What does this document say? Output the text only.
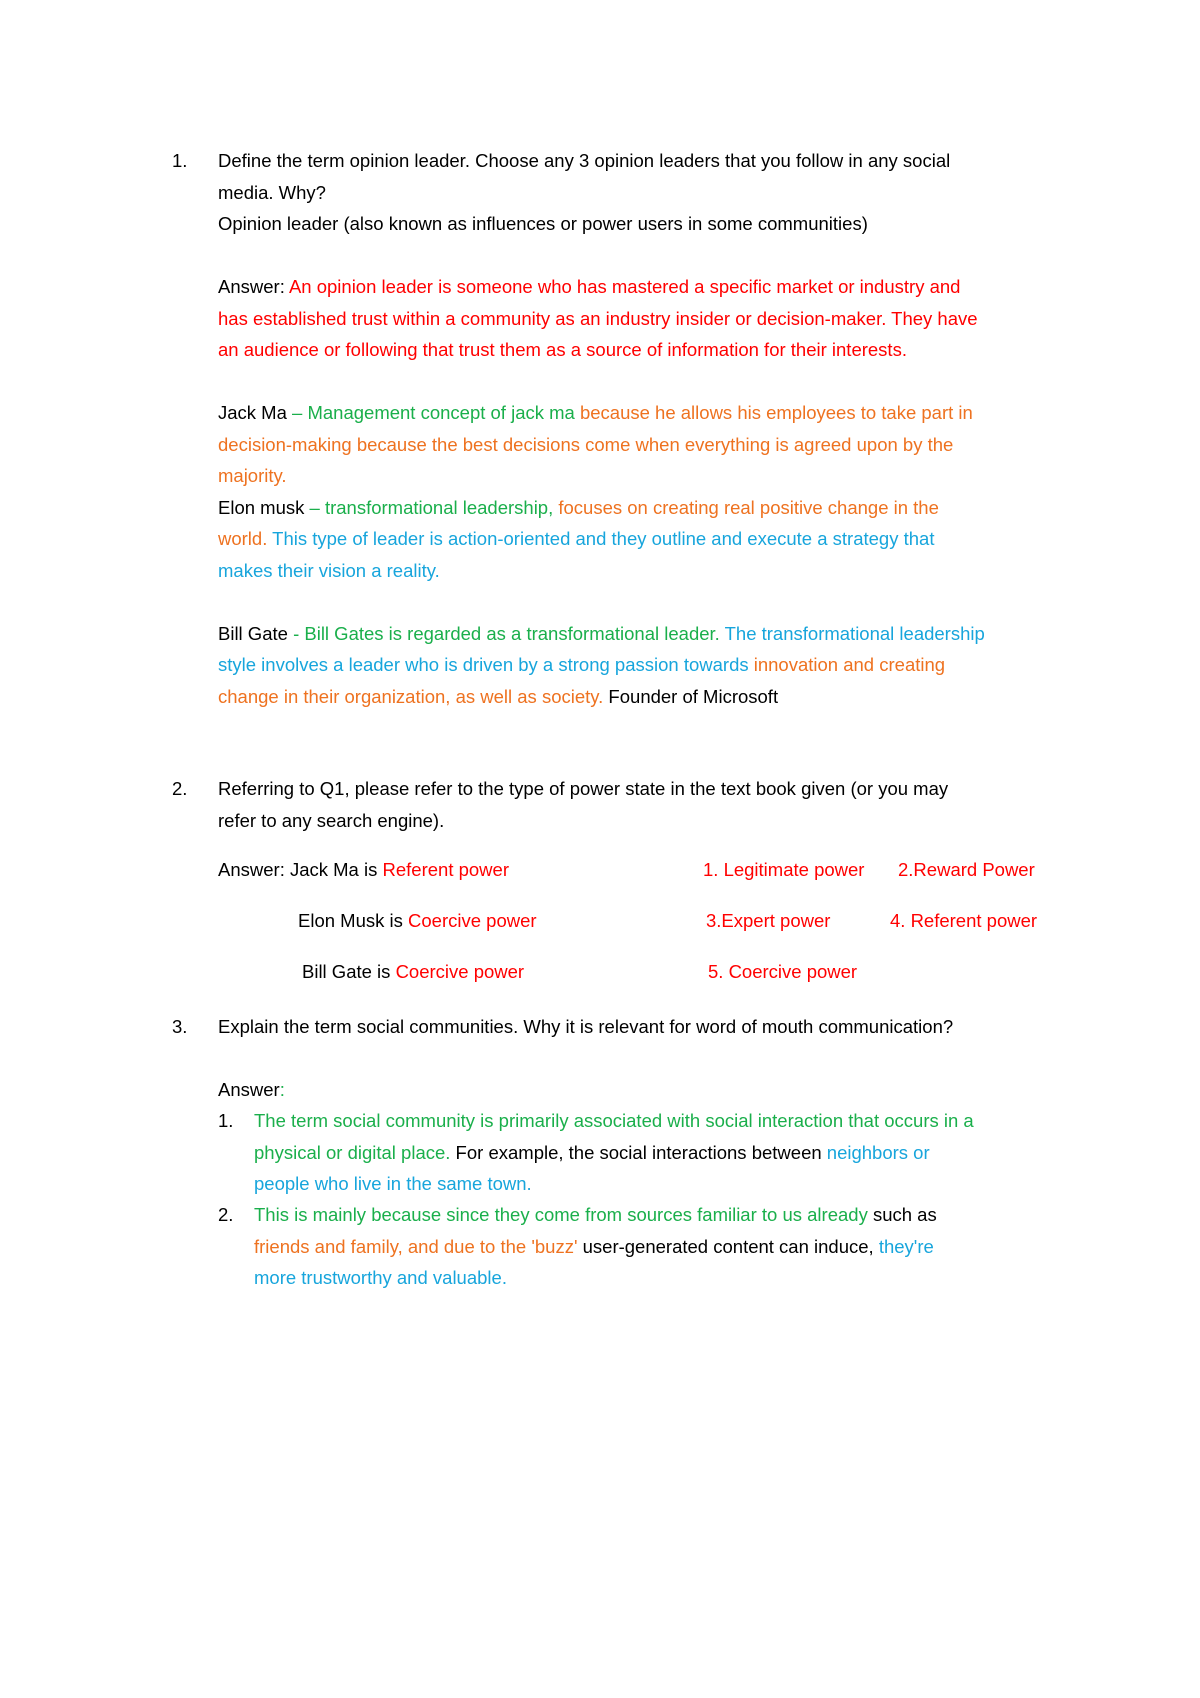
1. Define the term opinion leader. Choose any 3 opinion leaders that you follow in any social
media. Why?
Opinion leader (also known as influences or power users in some communities)

Answer: An opinion leader is someone who has mastered a specific market or industry and
has established trust within a community as an industry insider or decision-maker. They have
an audience or following that trust them as a source of information for their interests.

Jack Ma – Management concept of jack ma because he allows his employees to take part in
decision-making because the best decisions come when everything is agreed upon by the
majority.
Elon musk – transformational leadership, focuses on creating real positive change in the
world. This type of leader is action-oriented and they outline and execute a strategy that
makes their vision a reality.

Bill Gate - Bill Gates is regarded as a transformational leader. The transformational leadership
style involves a leader who is driven by a strong passion towards innovation and creating
change in their organization, as well as society. Founder of Microsoft
2. Referring to Q1, please refer to the type of power state in the text book given (or you may
refer to any search engine).
Answer: Jack Ma is Referent power
Elon Musk is Coercive power
Bill Gate is Coercive power
1. Legitimate power 2.Reward Power
3.Expert power	4. Referent power
5. Coercive power
3. Explain the term social communities. Why it is relevant for word of mouth communication?

Answer:
1. The term social community is primarily associated with social interaction that occurs in a
physical or digital place. For example, the social interactions between neighbors or
people who live in the same town.
2. This is mainly because since they come from sources familiar to us already such as
friends and family, and due to the 'buzz' user-generated content can induce, they're
more trustworthy and valuable.
